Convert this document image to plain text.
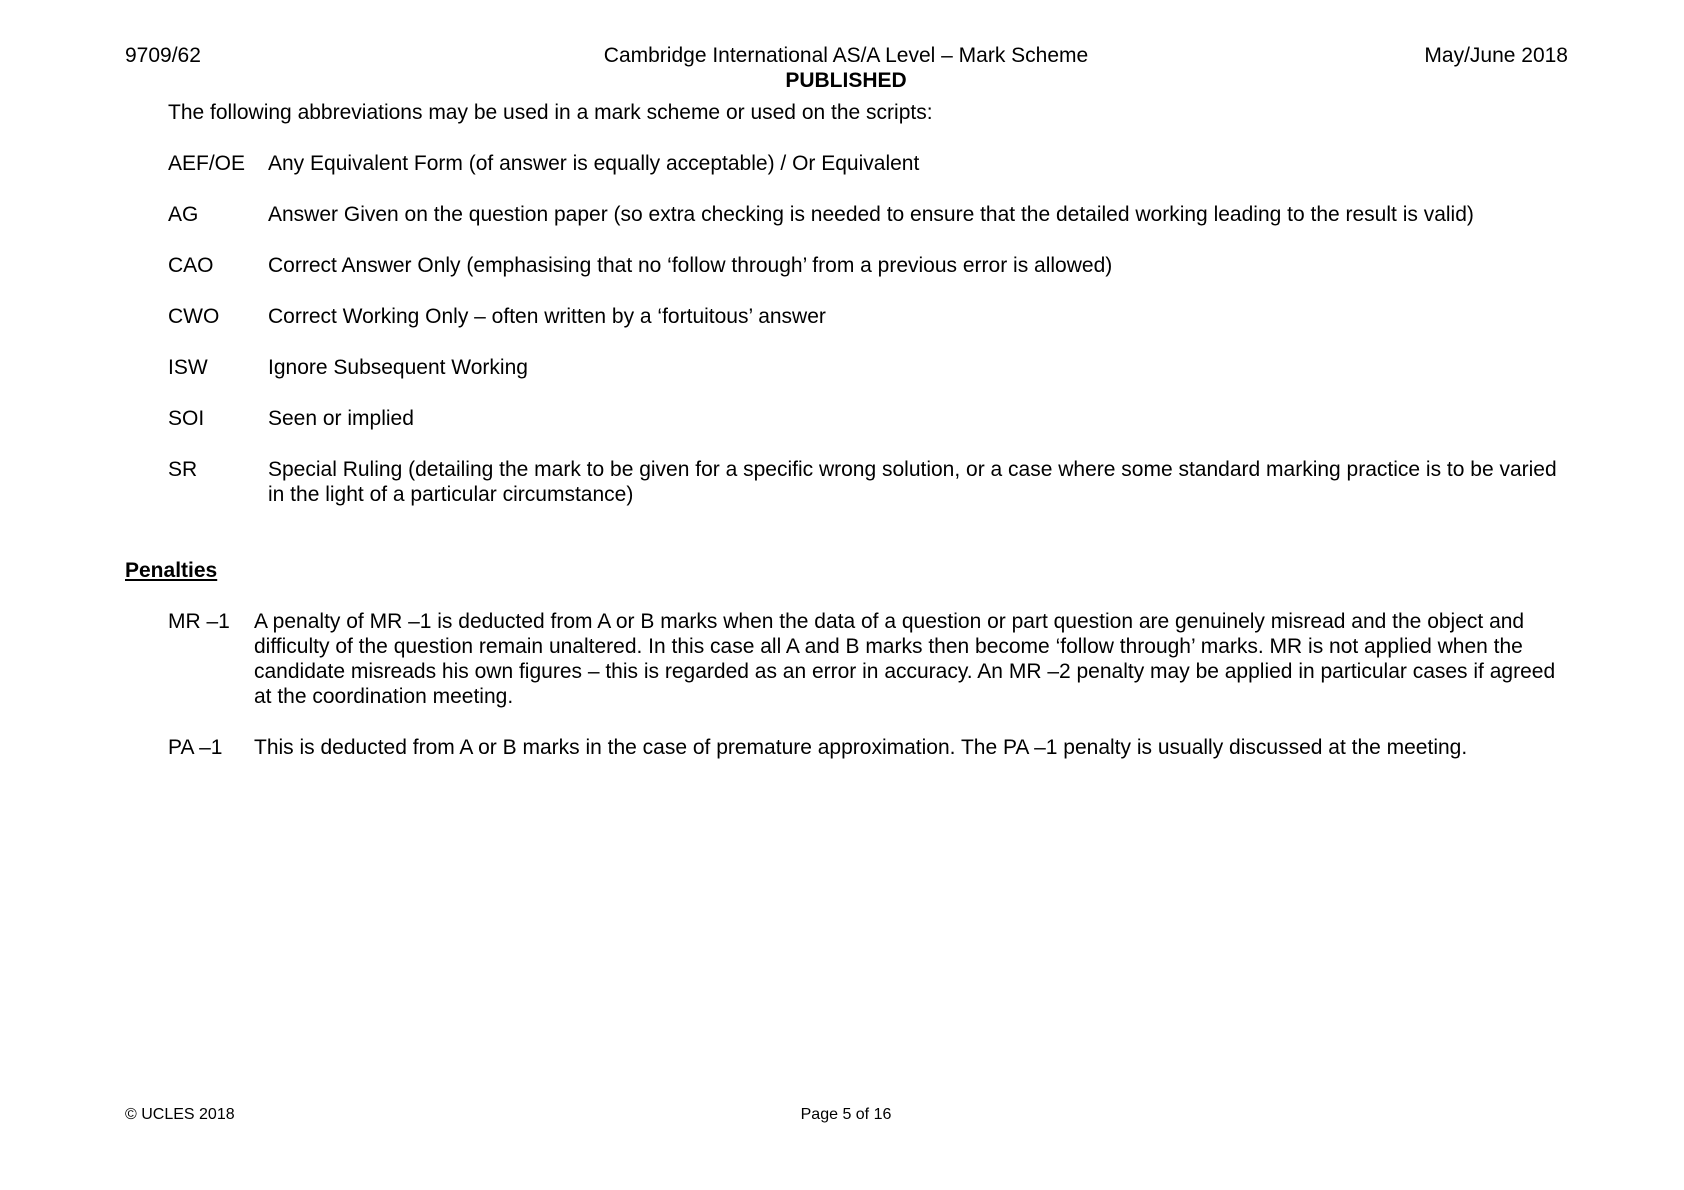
9709/62	Cambridge International AS/A Level – Mark Scheme
PUBLISHED
May/June 2018
The following abbreviations may be used in a mark scheme or used on the scripts:
AEF/OE	Any Equivalent Form (of answer is equally acceptable) / Or Equivalent
AG	Answer Given on the question paper (so extra checking is needed to ensure that the detailed working leading to the result is valid)
CAO	Correct Answer Only (emphasising that no ‘follow through’ from a previous error is allowed)
CWO	Correct Working Only – often written by a ‘fortuitous’ answer
ISW	Ignore Subsequent Working
SOI	Seen or implied
SR	Special Ruling (detailing the mark to be given for a specific wrong solution, or a case where some standard marking practice is to be varied in the light of a particular circumstance)
Penalties
MR –1	A penalty of MR –1 is deducted from A or B marks when the data of a question or part question are genuinely misread and the object and difficulty of the question remain unaltered. In this case all A and B marks then become ‘follow through’ marks. MR is not applied when the candidate misreads his own figures – this is regarded as an error in accuracy. An MR –2 penalty may be applied in particular cases if agreed at the coordination meeting.
PA –1	This is deducted from A or B marks in the case of premature approximation. The PA –1 penalty is usually discussed at the meeting.
© UCLES 2018	Page 5 of 16
